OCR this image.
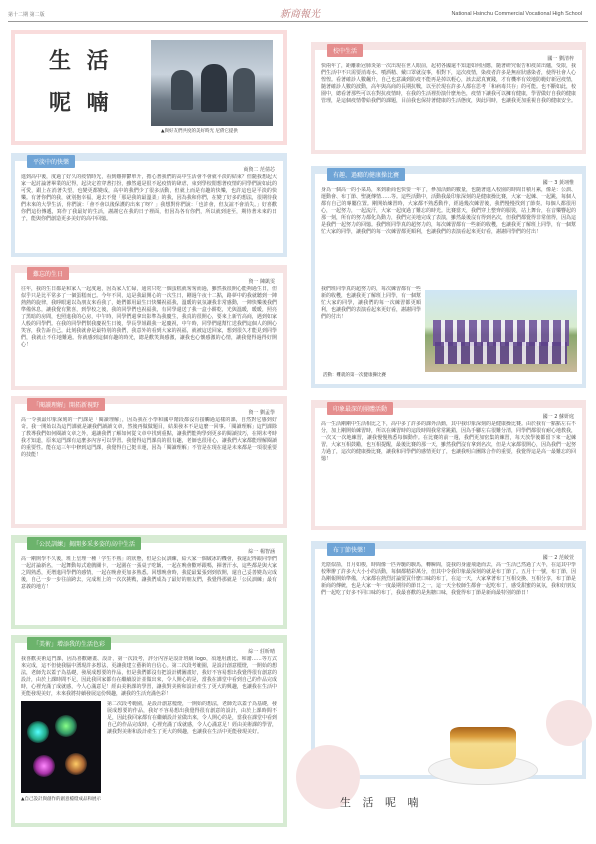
第十二期 第二版	新商報光	National Hsinchu Commercial Vocational High School
生 活
呢 喃
▲與好友們共度的美好時光 尼債它提供
平淡中的快樂
商資二 范倩芯
進到高中後，度過了好久的疫情時光，看到難抑鬱單升，擔心著我們的高中生活會不會就平淡的結束？但隨我想起大家一起討論著畢業的記得，起決定着穿著打扮，雖然還是很不起疫情的肆虐，束到學校閒想著疫情的同學們說如此的可愛，跟上在消著失望，也變更都變成，高中的我們少了很多活動，但就上而是有趣的快樂，也許這也是平淡的快樂。有著你們的我，就別抱幸福，過去不覺「那是我的最溫柔」的我，因為我和你們，在變了好多的想法，很期待我們未來的大學生活，你們說：「會不會以後保護的出來了呀？」我想對你們說：「也許會，但友誼不會消失。」好喜歡你們這份傳遞，寫作了我最好的生活，謝謝它在我的日子裡面，但因為各有你們，所以就到達至，期待著未來的日子，能與你們創造更多美好的高中回憶。
難忘的生日
資一 陳凱雯
往年，我的生日都是和家人一起度過，因為家人忙碌，通常只吃一個蛋糕就匆匆而過，雖然我很開心能夠過生日，但似乎只是比平常多了一個蛋糕而已。今年不同，這是我最開心的一次生日，剛過午夜十二點，路夢中的我就聽到一陣熱熱的旋律，我睜眼還以為朋友來看我了，她們都用最生日快樂祝福我，溫暖的氣氛讓我非常感動，一陣快樂後我們準備休息，讓我覺有驚喜，到學校之後，我的同學們也祝福我，有同學還送了我一盒小餅乾，光與溫暖，暖暖，照亮了黑暗的房間，也照進我的心房，中午時，同學們還拿出影準為我慶生，我真的很開心，要來上新竹高商，遇到如家人般的同學們。在我的同學們幫我慶祝生日後，學長學姐跟我一起慶祝，中午時，同學們還幫忙送我們這個人的開心笑容，我告訴自己，此刻我就會是最特別的我們，我意外的看到大家的祝福，就被這送回家，想到很久才能見到同學們，我就止不住地難過。你就感到這個有趣的時光，總是歡笑與感激，讓我也心懷感激的心情，讓我覺得過得好開心！
「閱讀理解」開拓新視野
資一 劉孟學
高一令我最印象深刻的一門課是「閱讀理解」，因為我在小學和國中階段都沒有接觸過這樣的課，自然對它感到好奇。我一開始以為這門課就是讓我們讀讀文章，然後再做做題目，結果發本不是這麼一回事。「閱讀理解」這門課除了教導我們如何閱讀文章之外，還讓我們了解如何從文章中找到重點，讓我們能夠學到更多的閱讀技巧，在期末考時我才知道，原來這門課有這麼多內容可以學習。我覺得這門課真的很有趣，老師也很用心，讓我們大家都能理解閱讀的重要性。能在這三年中修到這門課，我覺得自己挺幸運，因為「閱讀理解」不管是在現在還是未來都是一項很重要的技能！
「公民訓練」揭開多采多姿的高中生活
綜一 楊智涵
高一剛開學不久後，班上皇理一種「学生不熟」的狀態，但是公民訓練，給大家一個破冰的機會，我還記得跟同學們一起討論新名，一起舞動每式遊戲關卡，一起圍在一張桌子吃飯，一起在晚會歡呼跟嗎，揮著汗水，這些都是與大家之間熟悉，更增進同學們的感情，一起在晚會更加多熟悉。回想晚會時，我從最緊張到到放開，還自己妥善變為完成後，自己一步一步往前跨去，完成班上的一次次挑戰，讓我們成為了最好的朋友們，我覺得那就是「公民訓練」最有意義的地方！
「美術」增添我的生活色彩
綜一 莊昕晴
我喜歡美術這門課，因為喜歡繪畫、設計，第一次段考，評分內容是設計班級 logo，須運用創比、和諧……等方式來完成，這不但使我腦中湧現許多想法，更讓我建立藝術的自信心。第二次段考範圍，是設計創意檯燈，一開始的想法，老師先以蓋子為基礎，發展成想要的作品，但是我們都沒有把設計構圖畫好，我好不容易想出我覺得很有創意的設計，由於上課時間不足，因此我回家都有在繼續設計並做出來，令人開心的是，當我在課堂中看到自己的作品完成時，心裡充滿了成就感，今人心滿意足！經由美術課的學習，讓我對美術和設計產生了更大的興趣，也讓我在生活中更能發現美好，未來我將持續發展這份興趣，讓我的生活充滿色彩！
▲自己設計與創作的創意檯燈成品和展示
第二次段考範圍，是設計創意檯燈，一開始的想法，老師先以蓋子為基礎，發展成想要的作品，我好不容易想出我覺得很有創意的設計，由於上課時間不足，因此我回家都有在繼續設計並做出來，令人開心的是，當我在課堂中看到自己的作品完成時，心裡充滿了成就感，令人心滿意足！經由美術課的學習，讓我對美術和設計產生了更大的興趣，也讓我在生活中更能發現美好。
校中生活
國一 劉清梓
快兩年了，距離新冠肺炎第一次出現在世人眼前，起初各國還不知道如何因應，隨著研究報告和疫苗出爐，受限，我們生活中不只需要消毒水、噴酒精、戴口罩就沒事，相對下，這次疫情，染疫者許多是無症狀感染者，使得社會人心惶惶。看著確診人數飆升，自己也意識到防疫不能再是掉以輕心，該去認真實踐，才有機率有效地防範好新冠疫情，隨著確診人數的波動，高年與高商的長期抗戰，以至於現在許多人都在思考「和病毒共存」的可能。也不斷如此，校園中，總看著那些可以在對抗疫情時，在我的生活裡扮演什麼角色，疫情下讓我可以擁有健康，學習做好自我的健康管理，是這個疫情帶給我們的課題，目前我也保持著健康的生活態度，與此同時，也讓我更加重視自我的健康安全。
有趣、過癮的健康操比賽
國一 3 黃翊惟
身為一個高一的小菜鳥，來到新商也快要一年了，參加活動的數量，也隨著進入校園的時間日積月累，像是：公訓、運動會、布丁節、聖誕傳情……等。這些活動中，活動我最印象深刻的是健康操比賽，大家一起練、一起跳，每個人都有自己的專屬位置。剛開始練習時，大家都不熟悉動作，經過幾次練習後，我們慢慢找到了節奏。每個人都很用心，一起努力，一起流汗，大家一起度過了難忘的時光。比賽當天，我們穿上整齊的服裝，站上舞台，在音樂響起的那一刻，所有的努力都化為動力，我們完美地完成了表演，雖然最後沒有得到名次，但我們都覺得非常值得，因為這是我們一起努力的回憶。我們班同學真的超努力的，每次練習都有一些新的收穫，也讓我更了解班上同學，有一個幫忙大家的同學，讓我們的每一次練習都更順利，也讓我們的表演看起來更好看，謝謝同學們的付出！
我們班同學真的超努力的，每次練習都有一些新的收穫，也讓我更了解班上同學，有一個幫忙大家的同學，讓我們的每一次練習都更順利，也讓我們的表演看起來更好看，謝謝同學們的付出！
活動：難就的第一次健康操比賽
印象最深的團體活動
國一 2 蘇妍庭
高一生活剛剛中生活相比之下，高中多了許多的課外活動，其中我印象深刻的是健康操比賽。由於我有一點點左右不分，加上剛開始練習時，所以在練習時的這段時間我常常跳錯，因為手腳左右很難分清，同學們都很有耐心地教我，一次又一次地練習，讓我慢慢熟悉每個動作。在比賽的前一週，我們更加密集的練習，每天放學後都留下來一起練習，大家互相鼓勵，也互相提醒，最後比賽的那一天，雖然我們沒有拿到名次，但是大家都很開心，因為我們一起努力過了，這次的健康操比賽，讓我和同學們的感情更好了，也讓我明白團隊合作的重要，我覺得這是高一最難忘的回憶！
布丁節快樂！
國一 2 范綾萱
光陰似箭，日月如梭，時間像一匹奔馳的駿馬，轉瞬間，從我的身邊飛逝而去，高一生活已然過了大半，在這其中學校舉辦了許多大大小小的活動，每個都精彩萬分，但其中令我印象最深刻的就是布丁節了。五月十一號，布丁節，因為剛報開始準備，大家都在熱烈討論要買什麼口味的布丁，在這一天，大家拿著布丁互相交換、互相分享，布丁節是新商的傳統，也是大家一年一度最期待的節日之一，這一天全校師生都會一起吃布丁，感受甜蜜的氣氛，我和好朋友們一起吃了好多不同口味的布丁，我最喜歡的是焦糖口味，我覺得布丁節是新商最特別的節日！
生 活 呢 喃
